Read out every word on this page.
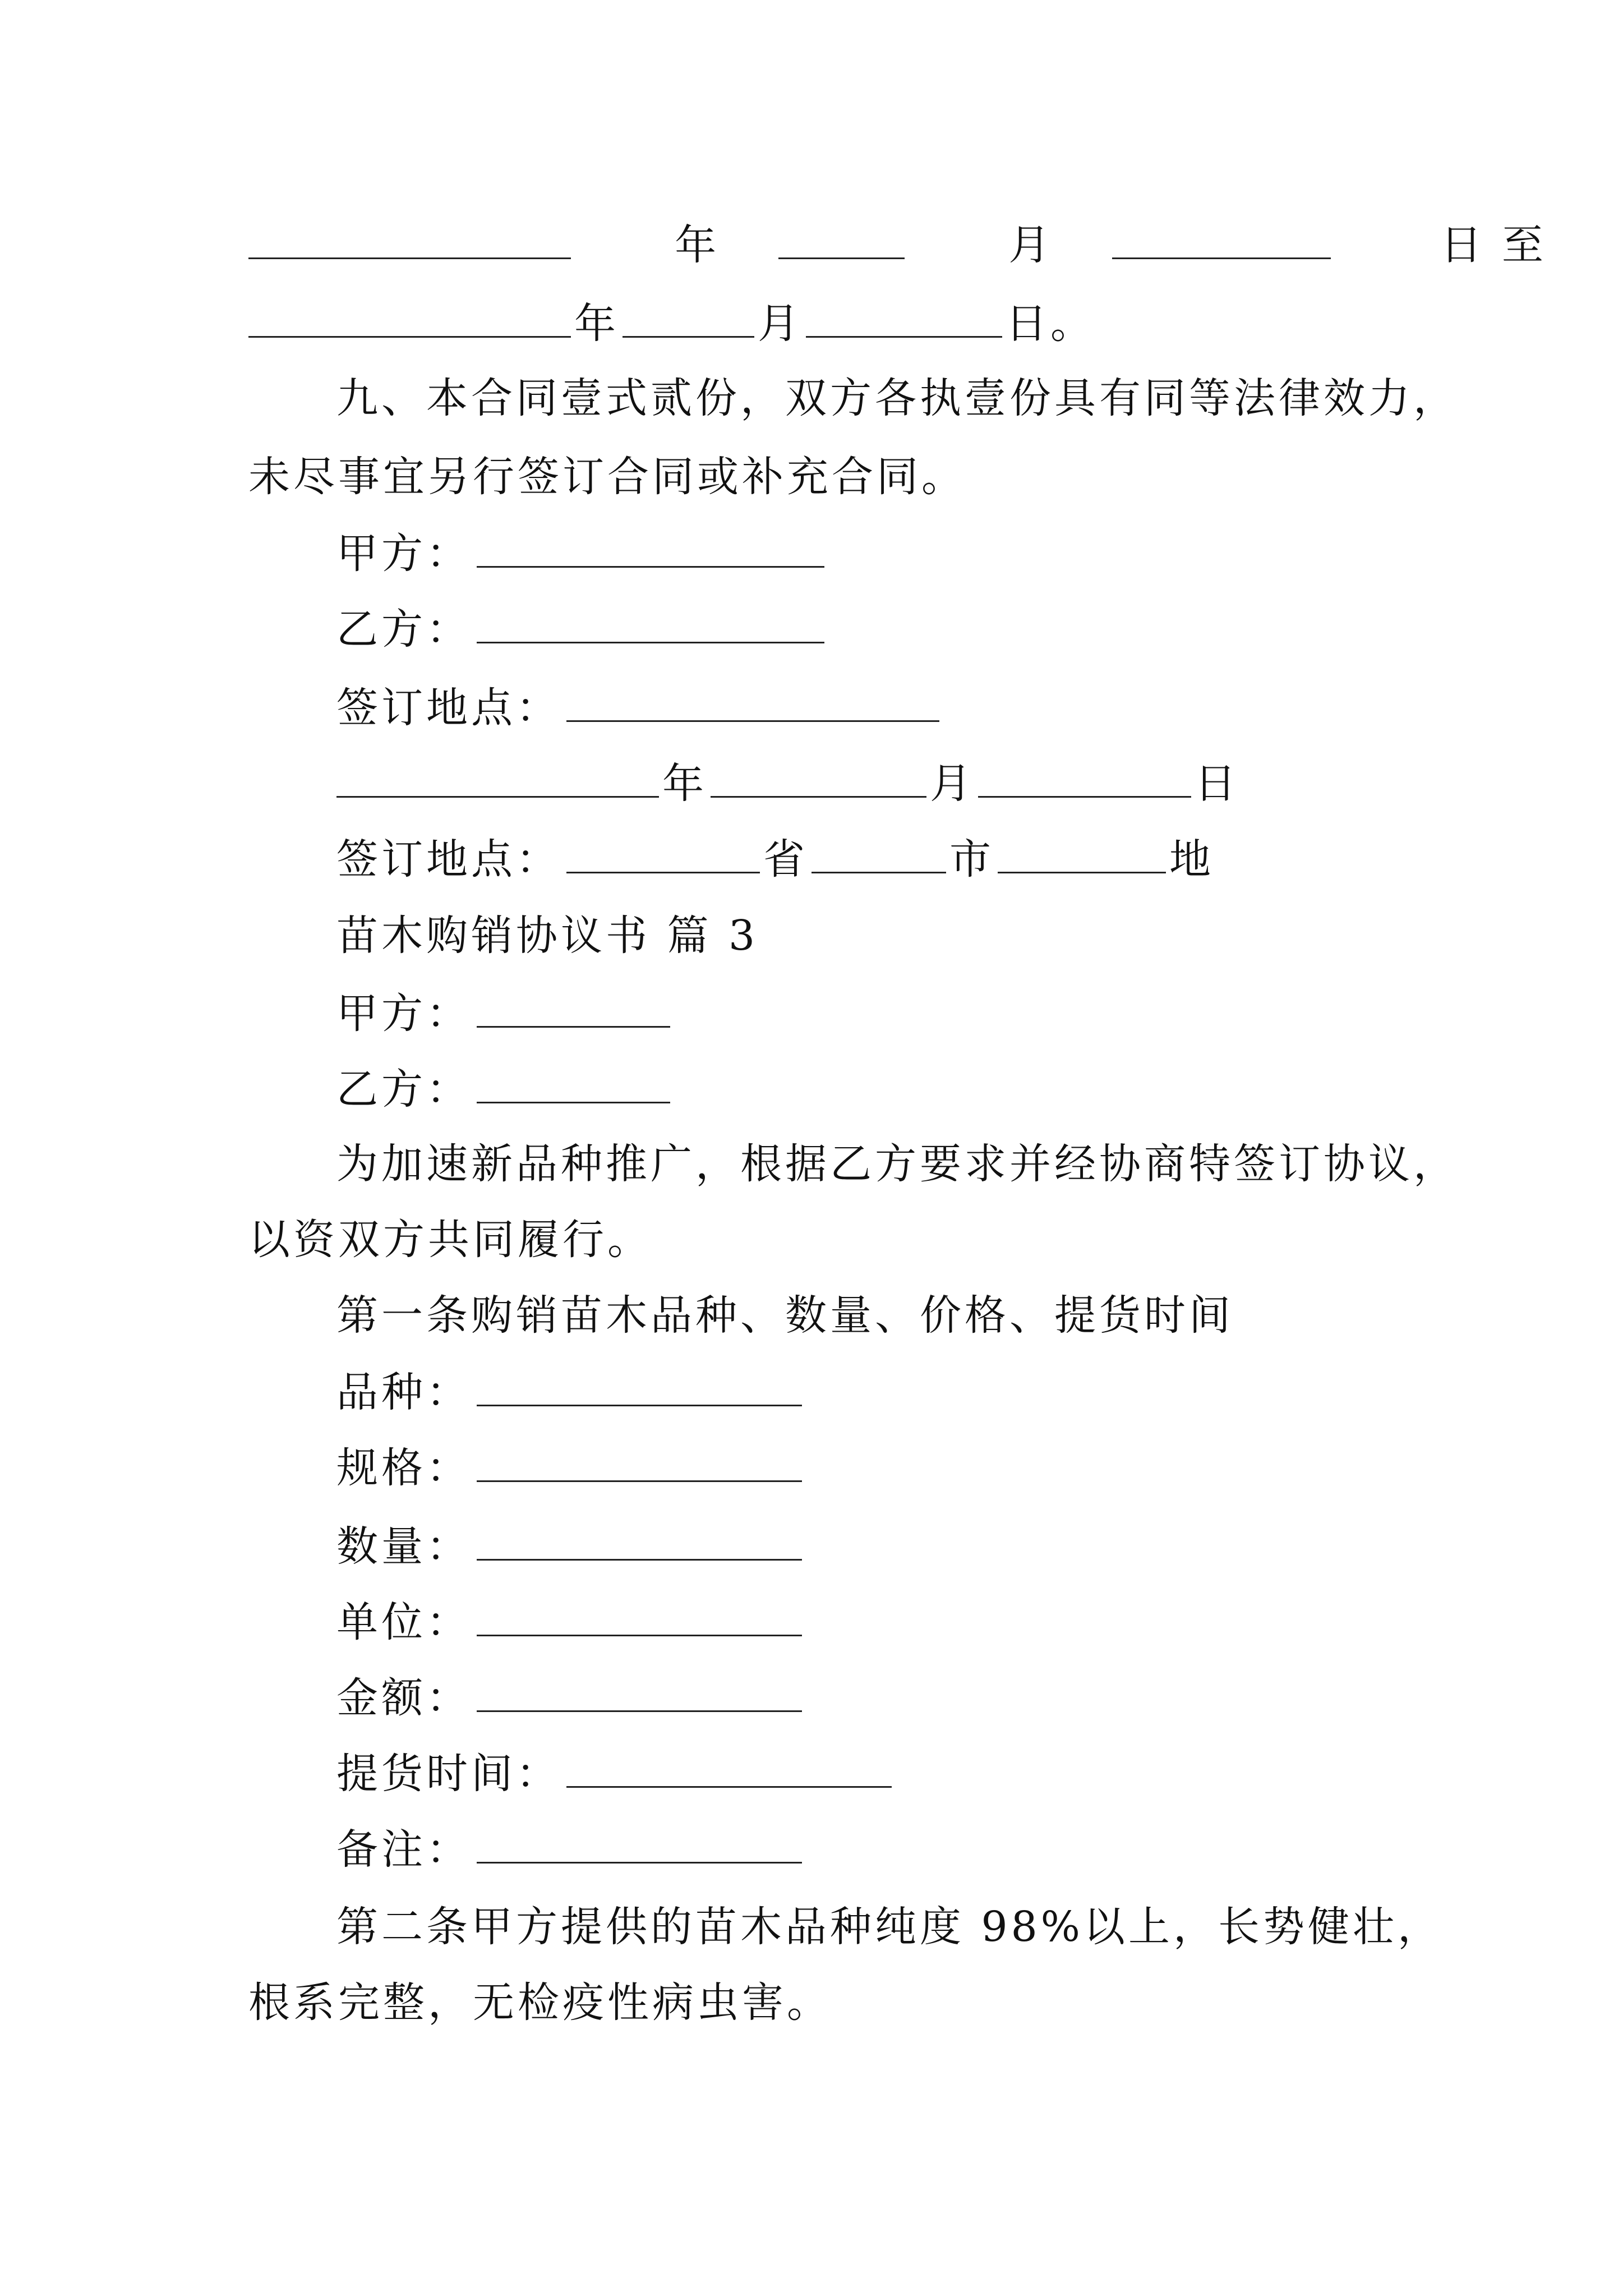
年	月	日 至
年	月	日。
九、本合同壹式贰份，双方各执壹份具有同等法律效力，
未尽事宜另行签订合同或补充合同。
甲方：
乙方：
签订地点：
年	月	日
签订地点：	省	市	地
苗木购销协议书 篇 3
甲方：
乙方：
为加速新品种推广，根据乙方要求并经协商特签订协议，
以资双方共同履行。
第一条购销苗木品种、数量、价格、提货时间
品种：
规格：
数量：
单位：
金额：
提货时间：
备注：
第二条甲方提供的苗木品种纯度 98%以上，长势健壮，
根系完整，无检疫性病虫害。
